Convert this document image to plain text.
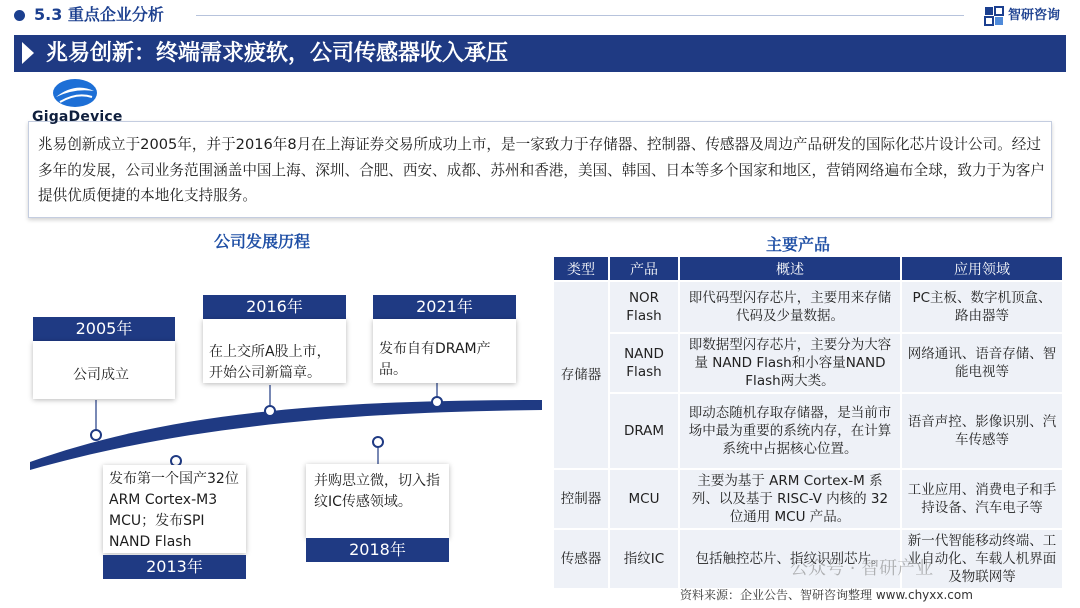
5.3 重点企业分析	智研咨询
兆易创新：终端需求疲软，公司传感器收入承压
GigaDevice
兆易创新成立于2005年，并于2016年8月在上海证券交易所成功上市，是一家致力于存储器、控制器、传感器及周边产品研发的国际化芯片设计公司。经过多年的发展，公司业务范围涵盖中国上海、深圳、合肥、西安、成都、苏州和香港，美国、韩国、日本等多个国家和地区，营销网络遍布全球，致力于为客户提供优质便捷的本地化支持服务。
公司发展历程	主要产品
2005年
公司成立
发布第一个国产32位ARM Cortex-M3 MCU；发布SPI NAND Flash
2013年
2016年
在上交所A股上市，开始公司新篇章。
并购思立微，切入指纹IC传感领域。
2018年
2021年
发布自有DRAM产品。
类型	产品	概述	应用领域
存储器	NOR Flash	即代码型闪存芯片，主要用来存储代码及少量数据。	PC主板、数字机顶盒、路由器等
	NAND Flash	即数据型闪存芯片，主要分为大容量 NAND Flash和小容量NAND Flash两大类。	网络通讯、语音存储、智能电视等
	DRAM	即动态随机存取存储器，是当前市场中最为重要的系统内存，在计算系统中占据核心位置。	语音声控、影像识别、汽车传感等
控制器	MCU	主要为基于 ARM Cortex-M 系列、以及基于 RISC-V 内核的 32 位通用 MCU 产品。	工业应用、消费电子和手持设备、汽车电子等
传感器	指纹IC	包括触控芯片、指纹识别芯片。	新一代智能移动终端、工业自动化、车载人机界面及物联网等
公众号 · 智研产业
资料来源：企业公告、智研咨询整理 www.chyxx.com
